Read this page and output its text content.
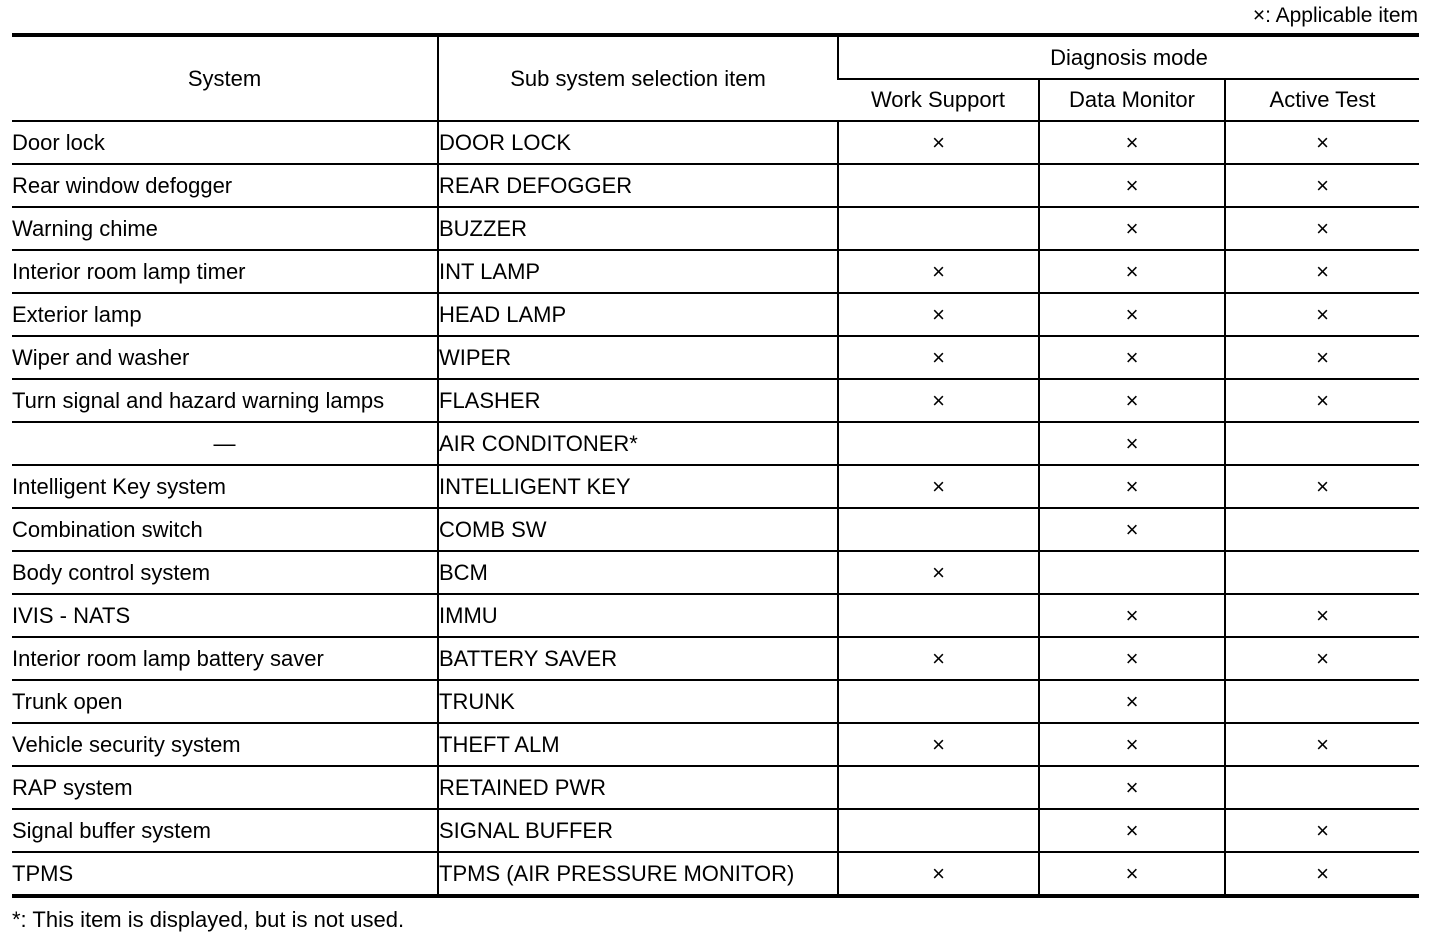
×: Applicable item
System	Sub system selection item	Diagnosis mode		
		Work Support	Data Monitor	Active Test
Door lock	DOOR LOCK	×	×	×
Rear window defogger	REAR DEFOGGER		×	×
Warning chime	BUZZER		×	×
Interior room lamp timer	INT LAMP	×	×	×
Exterior lamp	HEAD LAMP	×	×	×
Wiper and washer	WIPER	×	×	×
Turn signal and hazard warning lamps	FLASHER	×	×	×
—	AIR CONDITONER*		×	
Intelligent Key system	INTELLIGENT KEY	×	×	×
Combination switch	COMB SW		×	
Body control system	BCM	×		
IVIS - NATS	IMMU		×	×
Interior room lamp battery saver	BATTERY SAVER	×	×	×
Trunk open	TRUNK		×	
Vehicle security system	THEFT ALM	×	×	×
RAP system	RETAINED PWR		×	
Signal buffer system	SIGNAL BUFFER		×	×
TPMS	TPMS (AIR PRESSURE MONITOR)	×	×	×
*: This item is displayed, but is not used.
